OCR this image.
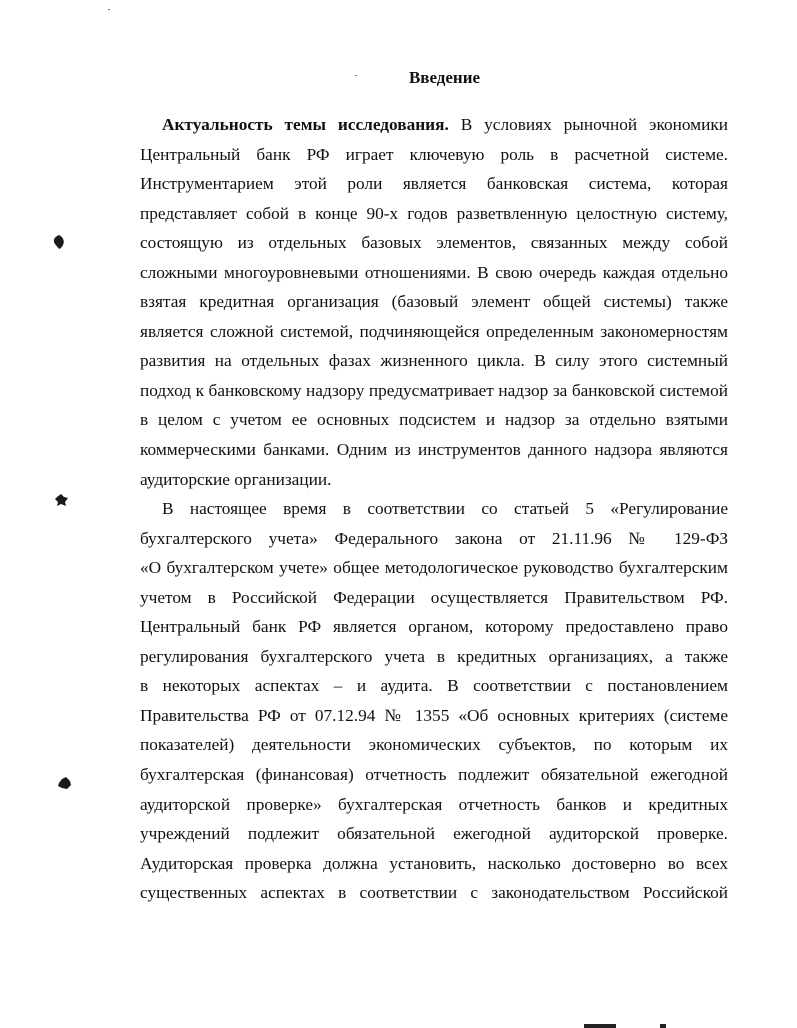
Введение
Актуальность темы исследования. В условиях рыночной экономики
Центральный банк РФ играет ключевую роль в расчетной системе.
Инструментарием этой роли является банковская система, которая
представляет собой в конце 90-х годов разветвленную целостную систему,
состоящую из отдельных базовых элементов, связанных между собой
сложными многоуровневыми отношениями. В свою очередь каждая отдельно
взятая кредитная организация (базовый элемент общей системы) также
является сложной системой, подчиняющейся определенным закономерностям
развития на отдельных фазах жизненного цикла. В силу этого системный
подход к банковскому надзору предусматривает надзор за банковской системой
в целом с учетом ее основных подсистем и надзор за отдельно взятыми
коммерческими банками. Одним из инструментов данного надзора являются
аудиторские организации.
В настоящее время в соответствии со статьей 5 «Регулирование
бухгалтерского учета» Федерального закона от 21.11.96 № 129-ФЗ
«О бухгалтерском учете» общее методологическое руководство бухгалтерским
учетом в Российской Федерации осуществляется Правительством РФ.
Центральный банк РФ является органом, которому предоставлено право
регулирования бухгалтерского учета в кредитных организациях, а также
в некоторых аспектах – и аудита. В соответствии с постановлением
Правительства РФ от 07.12.94 № 1355 «Об основных критериях (системе
показателей) деятельности экономических субъектов, по которым их
бухгалтерская (финансовая) отчетность подлежит обязательной ежегодной
аудиторской проверке» бухгалтерская отчетность банков и кредитных
учреждений подлежит обязательной ежегодной аудиторской проверке.
Аудиторская проверка должна установить, насколько достоверно во всех
существенных аспектах в соответствии с законодательством Российской
